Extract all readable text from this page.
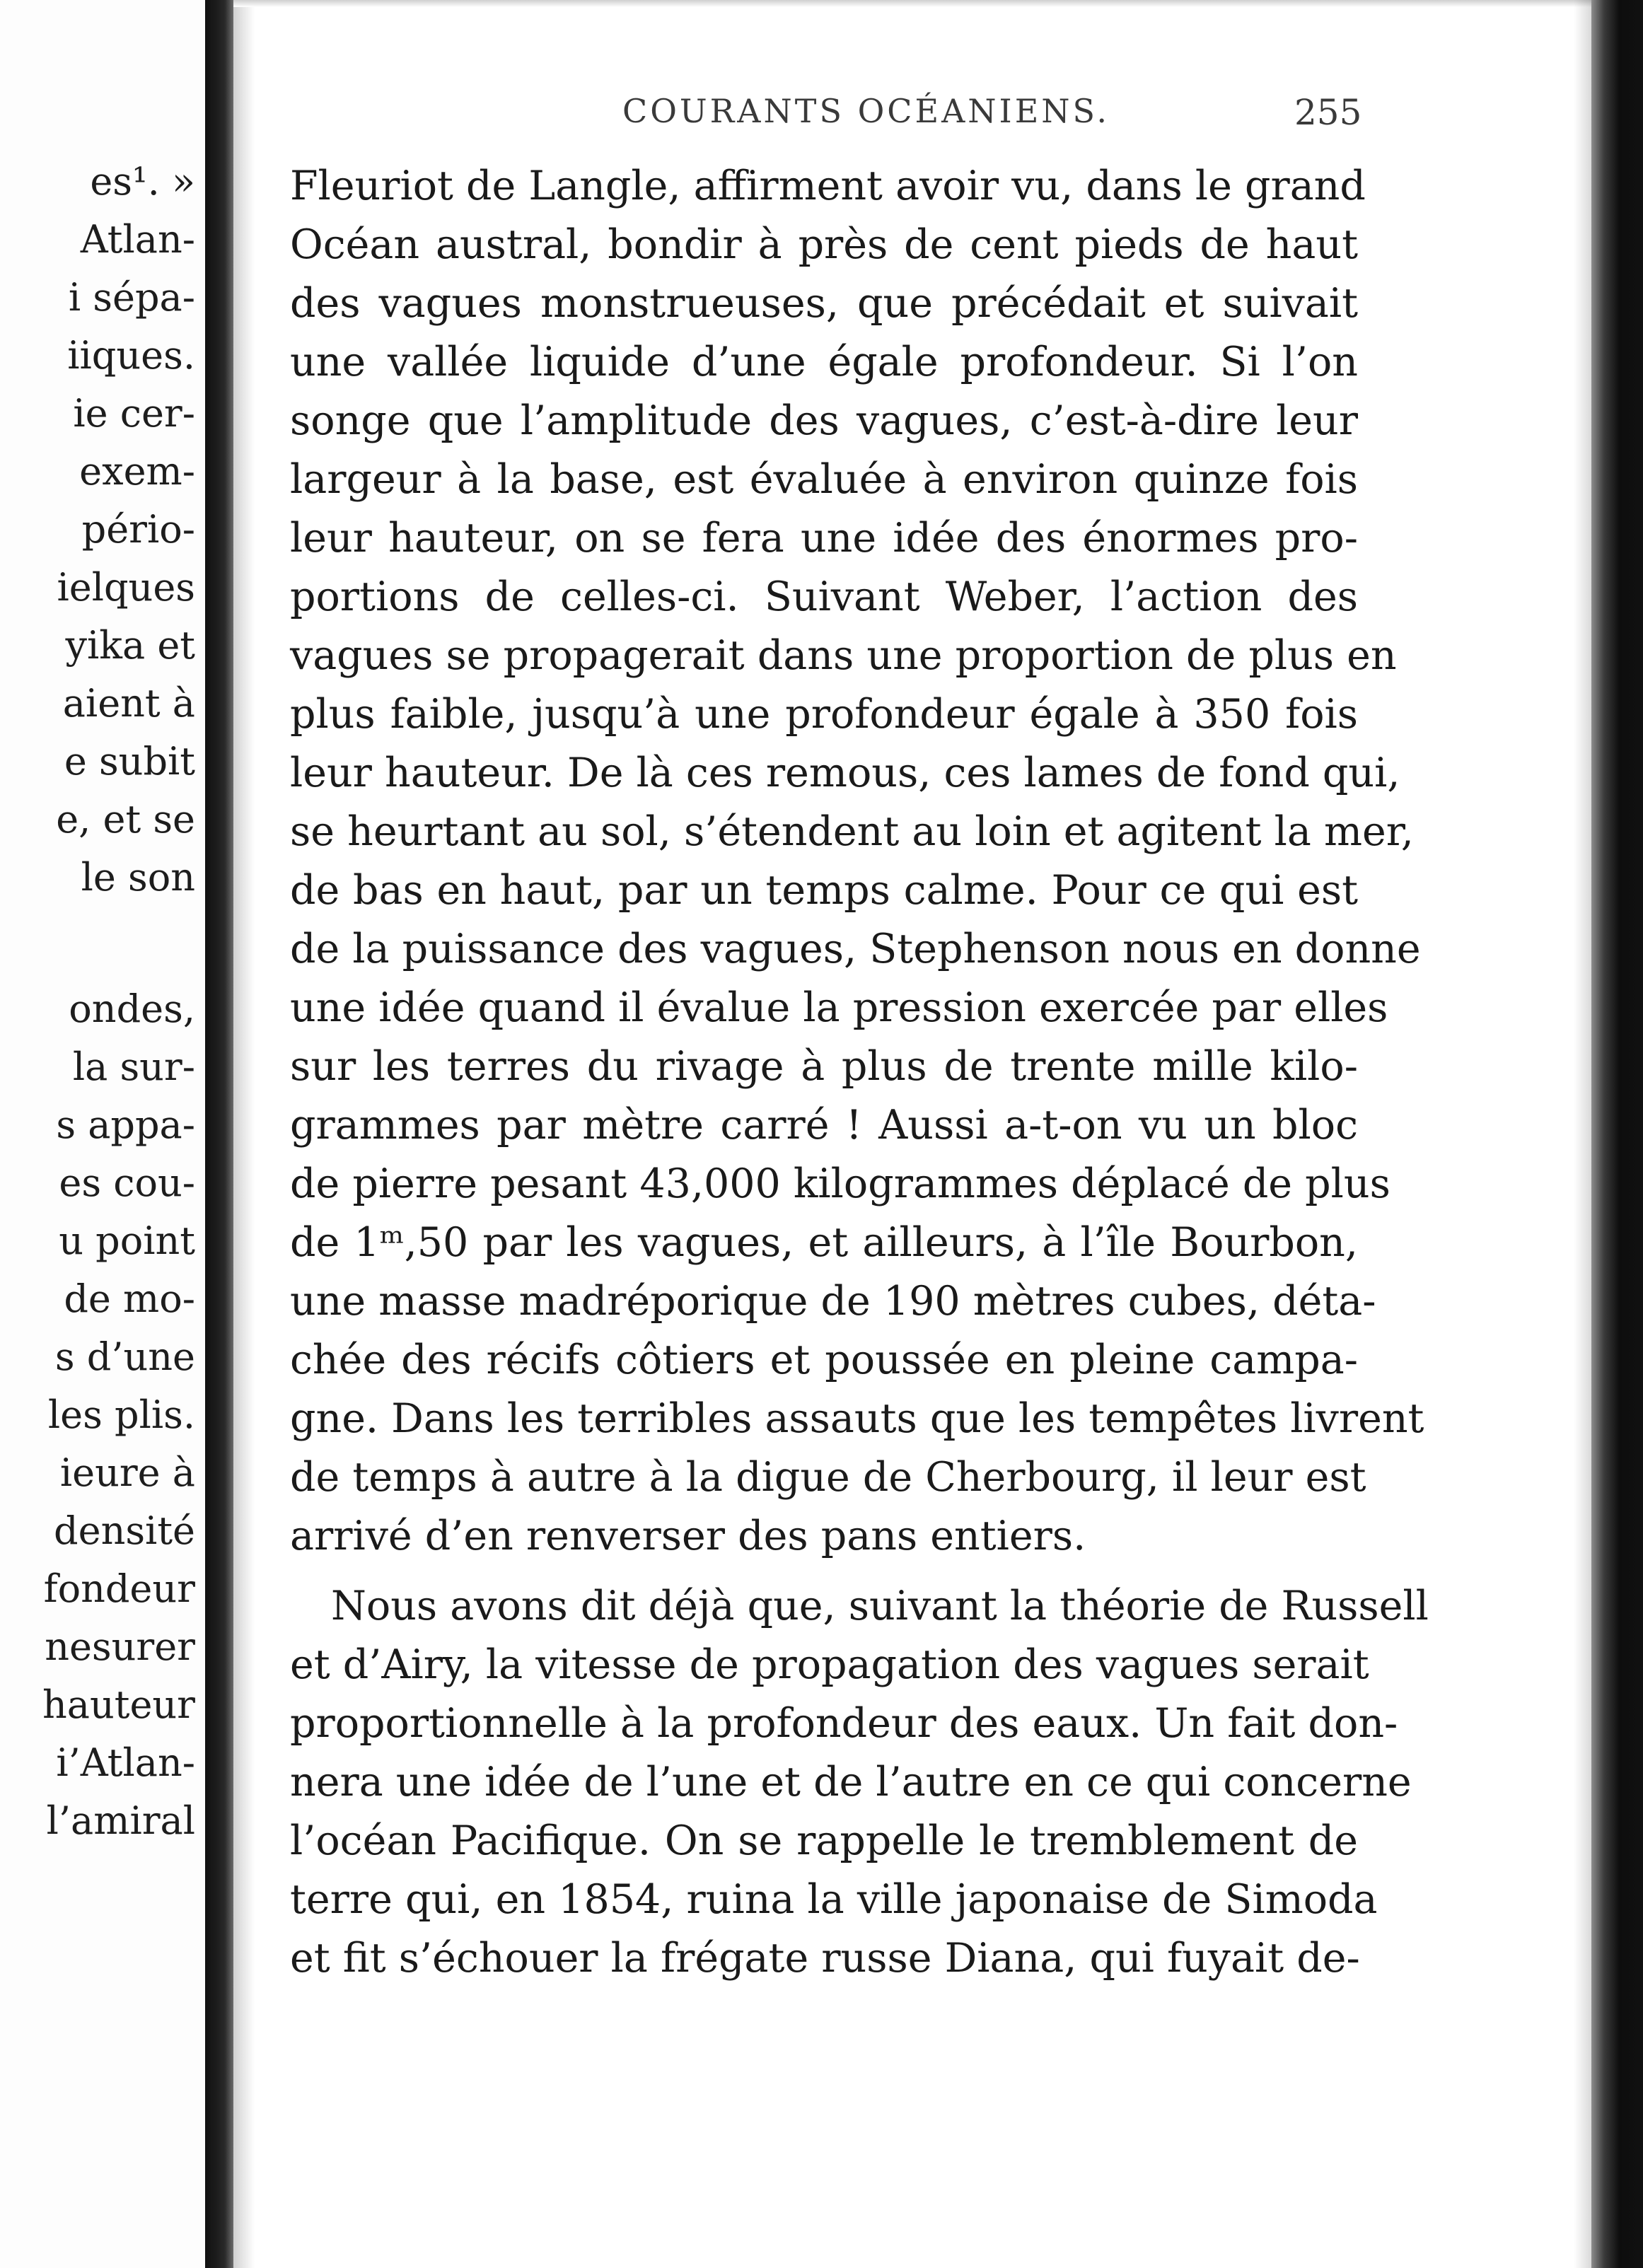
es¹. »
Atlan-
i sépa-
iiques.
ie cer-
exem-
pério-
ielques
yika et
aient à
e subit
e, et se
le son
ondes,
la sur-
s appa-
es cou-
u point
de mo-
s d’une
les plis.
ieure à
densité
fondeur
nesurer
hauteur
i’Atlan-
l’amiral
COURANTS OCÉANIENS.	255
Fleuriot de Langle, affirment avoir vu, dans le grand
Océan austral, bondir à près de cent pieds de haut
des vagues monstrueuses, que précédait et suivait
une vallée liquide d’une égale profondeur. Si l’on
songe que l’amplitude des vagues, c’est-à-dire leur
largeur à la base, est évaluée à environ quinze fois
leur hauteur, on se fera une idée des énormes pro-
portions de celles-ci. Suivant Weber, l’action des
vagues se propagerait dans une proportion de plus en
plus faible, jusqu’à une profondeur égale à 350 fois
leur hauteur. De là ces remous, ces lames de fond qui,
se heurtant au sol, s’étendent au loin et agitent la mer,
de bas en haut, par un temps calme. Pour ce qui est
de la puissance des vagues, Stephenson nous en donne
une idée quand il évalue la pression exercée par elles
sur les terres du rivage à plus de trente mille kilo-
grammes par mètre carré ! Aussi a-t-on vu un bloc
de pierre pesant 43,000 kilogrammes déplacé de plus
de 1ᵐ,50 par les vagues, et ailleurs, à l’île Bourbon,
une masse madréporique de 190 mètres cubes, déta-
chée des récifs côtiers et poussée en pleine campa-
gne. Dans les terribles assauts que les tempêtes livrent
de temps à autre à la digue de Cherbourg, il leur est
arrivé d’en renverser des pans entiers.
Nous avons dit déjà que, suivant la théorie de Russell
et d’Airy, la vitesse de propagation des vagues serait
proportionnelle à la profondeur des eaux. Un fait don-
nera une idée de l’une et de l’autre en ce qui concerne
l’océan Pacifique. On se rappelle le tremblement de
terre qui, en 1854, ruina la ville japonaise de Simoda
et fit s’échouer la frégate russe Diana, qui fuyait de-
